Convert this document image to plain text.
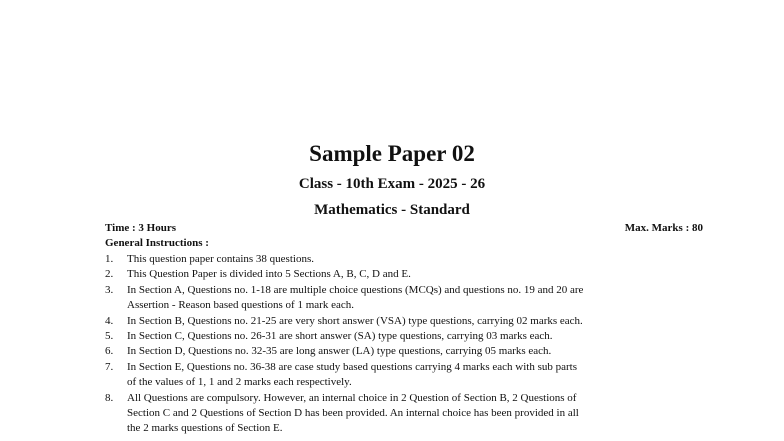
Sample Paper 02
Class - 10th Exam - 2025 - 26
Mathematics - Standard
Time : 3 Hours	Max. Marks : 80
General Instructions :
1.	This question paper contains 38 questions.
2.	This Question Paper is divided into 5 Sections A, B, C, D and E.
3.	In Section A, Questions no. 1-18 are multiple choice questions (MCQs) and questions no. 19 and 20 are
Assertion - Reason based questions of 1 mark each.
4.	In Section B, Questions no. 21-25 are very short answer (VSA) type questions, carrying 02 marks each.
5.	In Section C, Questions no. 26-31 are short answer (SA) type questions, carrying 03 marks each.
6.	In Section D, Questions no. 32-35 are long answer (LA) type questions, carrying 05 marks each.
7.	In Section E, Questions no. 36-38 are case study based questions carrying 4 marks each with sub parts
of the values of 1, 1 and 2 marks each respectively.
8.	All Questions are compulsory. However, an internal choice in 2 Question of Section B, 2 Questions of
Section C and 2 Questions of Section D has been provided. An internal choice has been provided in all
the 2 marks questions of Section E.
